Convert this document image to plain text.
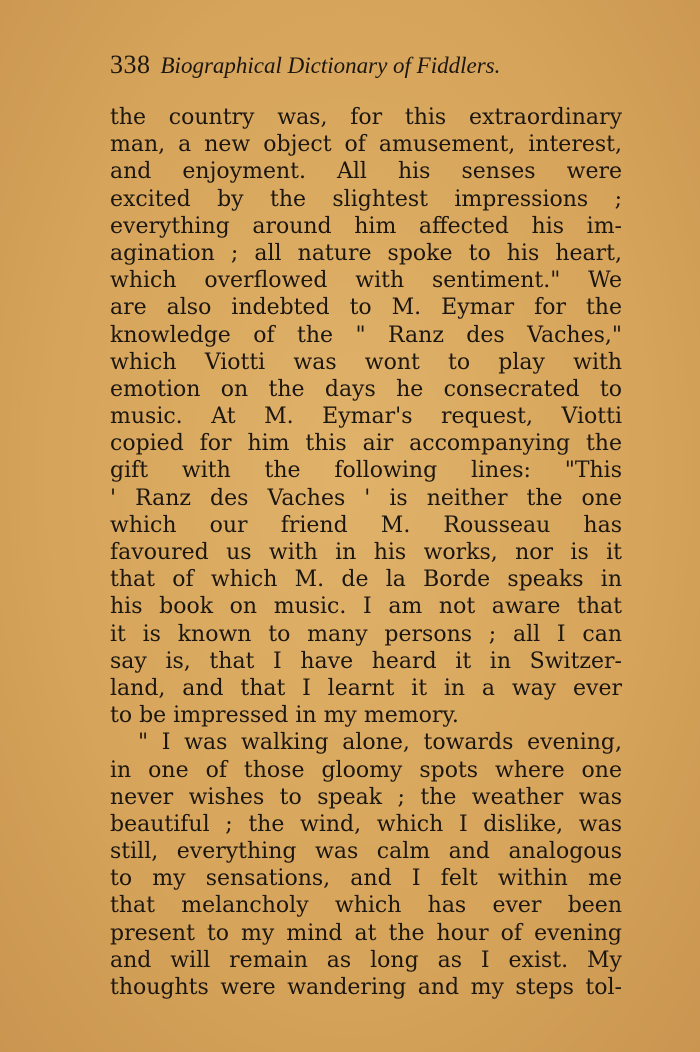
338 Biographical Dictionary of Fiddlers.
the country was, for this extraordinary
man, a new object of amusement, interest,
and enjoyment. All his senses were
excited by the slightest impressions ;
everything around him affected his im-
agination ; all nature spoke to his heart,
which overflowed with sentiment." We
are also indebted to M. Eymar for the
knowledge of the " Ranz des Vaches,"
which Viotti was wont to play with
emotion on the days he consecrated to
music. At M. Eymar's request, Viotti
copied for him this air accompanying the
gift with the following lines: "This
' Ranz des Vaches ' is neither the one
which our friend M. Rousseau has
favoured us with in his works, nor is it
that of which M. de la Borde speaks in
his book on music. I am not aware that
it is known to many persons ; all I can
say is, that I have heard it in Switzer-
land, and that I learnt it in a way ever
to be impressed in my memory.
" I was walking alone, towards evening,
in one of those gloomy spots where one
never wishes to speak ; the weather was
beautiful ; the wind, which I dislike, was
still, everything was calm and analogous
to my sensations, and I felt within me
that melancholy which has ever been
present to my mind at the hour of evening
and will remain as long as I exist. My
thoughts were wandering and my steps tol-
